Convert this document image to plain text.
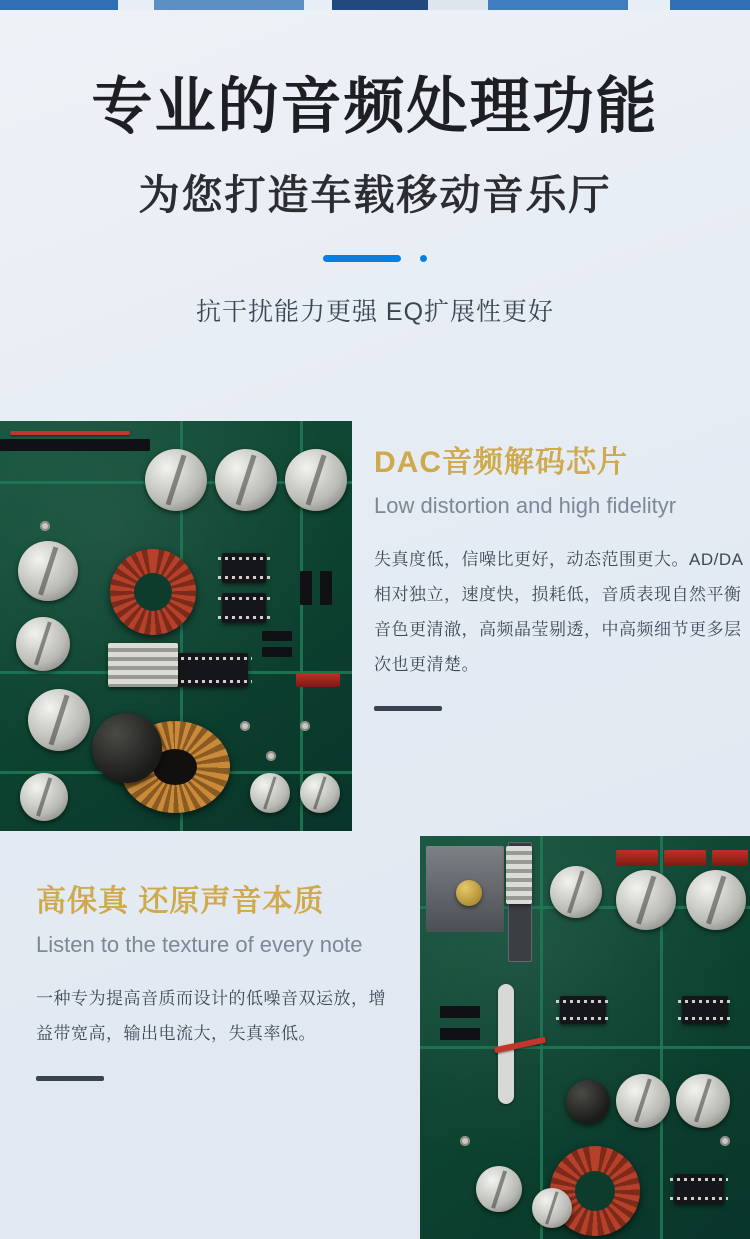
专业的音频处理功能
为您打造车载移动音乐厅
抗干扰能力更强 EQ扩展性更好
DAC音频解码芯片
Low distortion and high fidelityr
失真度低，信噪比更好，动态范围更大。AD/DA相对独立，速度快，损耗低，音质表现自然平衡音色更清澈，高频晶莹剔透，中高频细节更多层次也更清楚。
高保真 还原声音本质
Listen to the texture of every note
一种专为提高音质而设计的低噪音双运放，增益带宽高，输出电流大，失真率低。
